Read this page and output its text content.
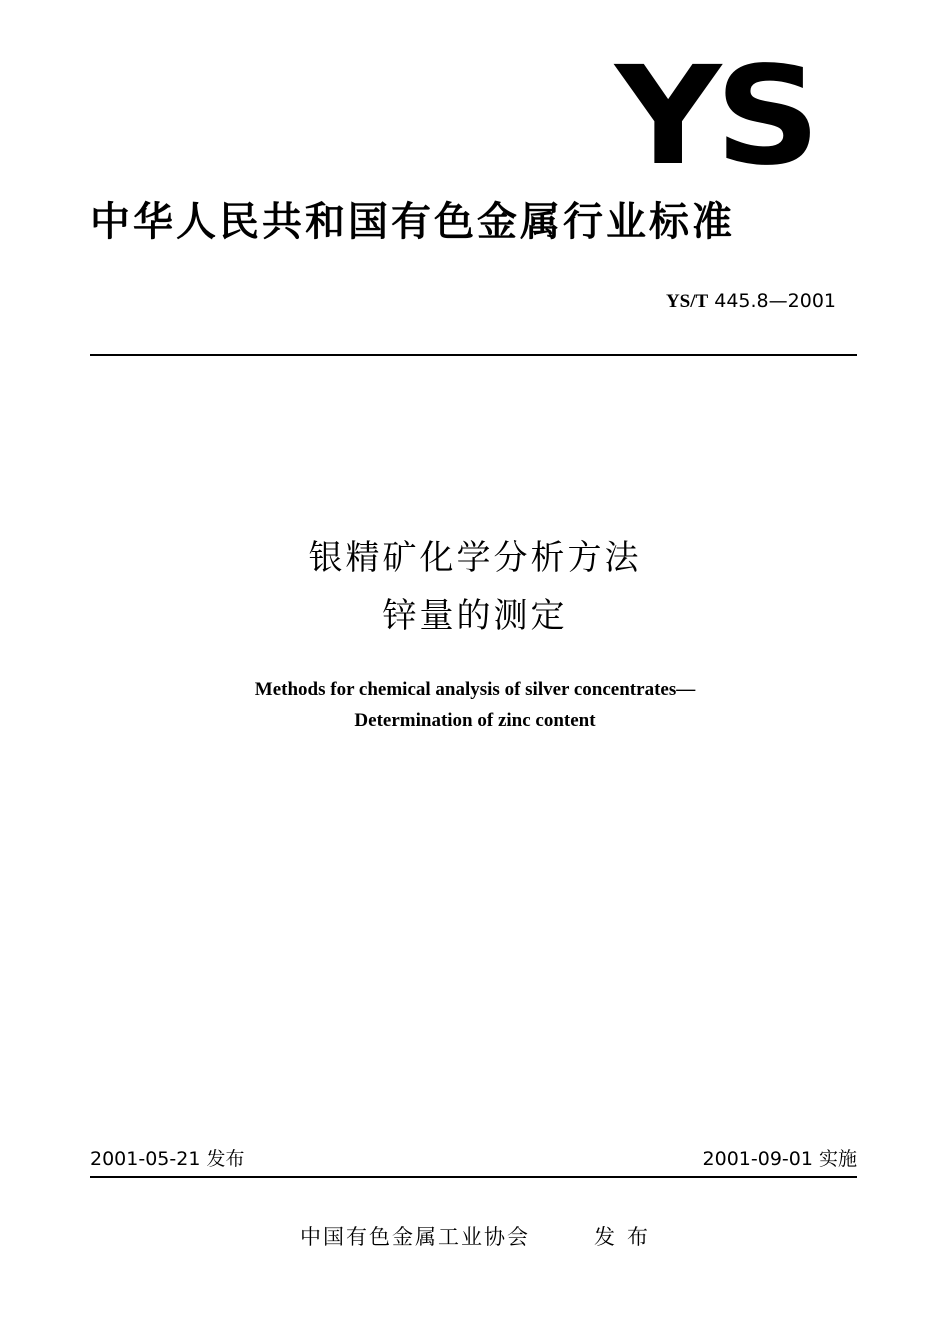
YS
中华人民共和国有色金属行业标准
YS/T 445.8—2001
银精矿化学分析方法
锌量的测定
Methods for chemical analysis of silver concentrates—
Determination of zinc content
2001-05-21 发布	2001-09-01 实施
中国有色金属工业协会	发布
